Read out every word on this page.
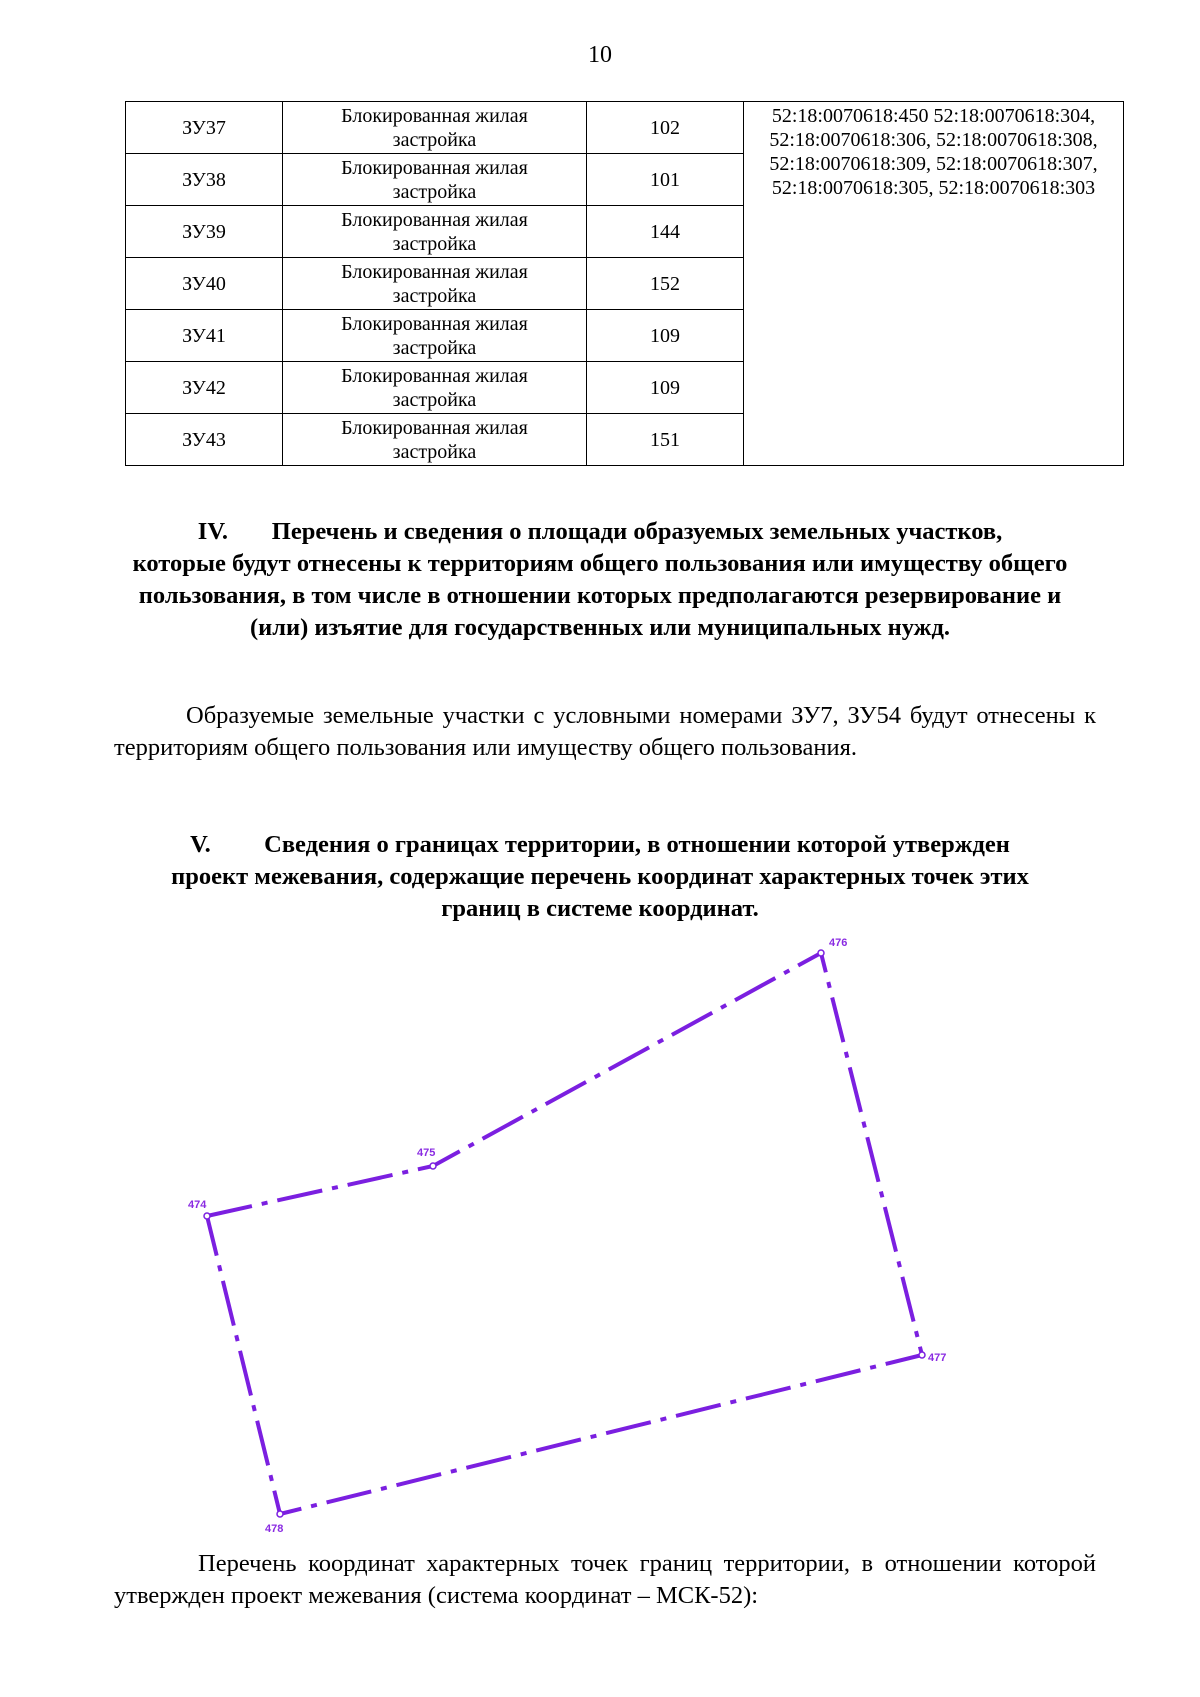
10
ЗУ37	Блокированная жилая застройка	102	52:18:0070618:450 52:18:0070618:304,
52:18:0070618:306, 52:18:0070618:308,
52:18:0070618:309, 52:18:0070618:307,
52:18:0070618:305, 52:18:0070618:303

ЗУ38	Блокированная жилая застройка	101	
ЗУ39	Блокированная жилая застройка	144	
ЗУ40	Блокированная жилая застройка	152	
ЗУ41	Блокированная жилая застройка	109	
ЗУ42	Блокированная жилая застройка	109	
ЗУ43	Блокированная жилая застройка	151	
IV. Перечень и сведения о площади образуемых земельных участков,
которые будут отнесены к территориям общего пользования или имуществу общего пользования, в том числе в отношении которых предполагаются резервирование и (или) изъятие для государственных или муниципальных нужд.
Образуемые земельные участки с условными номерами ЗУ7, ЗУ54 будут отнесены к территориям общего пользования или имуществу общего пользования.
V. Сведения о границах территории, в отношении которой утвержден
проект межевания, содержащие перечень координат характерных точек этих границ в системе координат.
474
475
476
477
478
Перечень координат характерных точек границ территории, в отношении которой утвержден проект межевания (система координат – МСК-52):
